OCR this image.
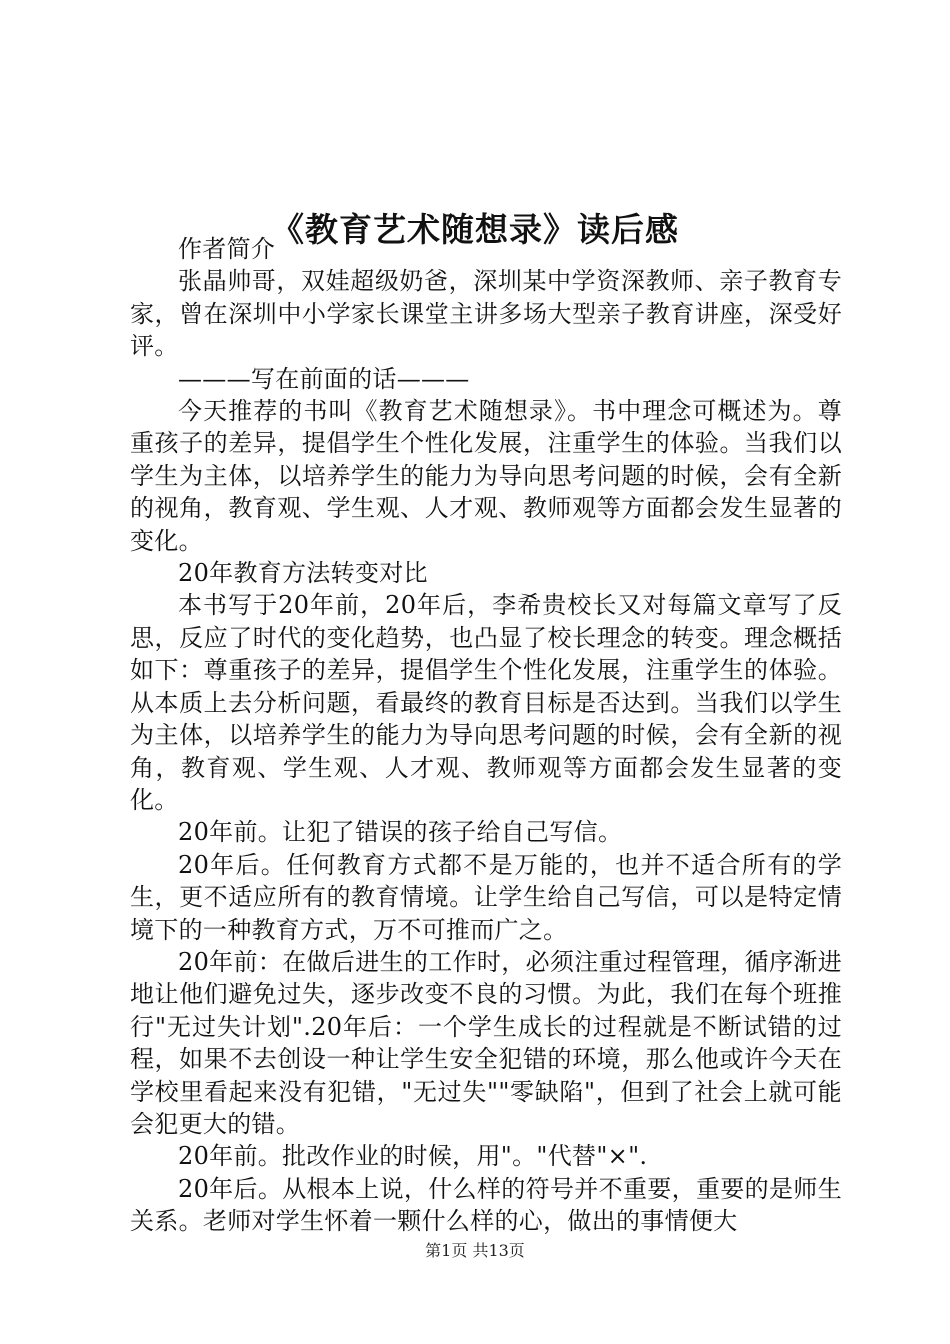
《教育艺术随想录》读后感

作者简介

张晶帅哥，双娃超级奶爸，深圳某中学资深教师、亲子教育专家，曾在深圳中小学家长课堂主讲多场大型亲子教育讲座，深受好评。

———写在前面的话———

今天推荐的书叫《教育艺术随想录》。书中理念可概述为。尊重孩子的差异，提倡学生个性化发展，注重学生的体验。当我们以学生为主体，以培养学生的能力为导向思考问题的时候，会有全新的视角，教育观、学生观、人才观、教师观等方面都会发生显著的变化。

20年教育方法转变对比

本书写于20年前，20年后，李希贵校长又对每篇文章写了反思，反应了时代的变化趋势，也凸显了校长理念的转变。理念概括如下：尊重孩子的差异，提倡学生个性化发展，注重学生的体验。从本质上去分析问题，看最终的教育目标是否达到。当我们以学生为主体，以培养学生的能力为导向思考问题的时候，会有全新的视角，教育观、学生观、人才观、教师观等方面都会发生显著的变化。

20年前。让犯了错误的孩子给自己写信。

20年后。任何教育方式都不是万能的，也并不适合所有的学生，更不适应所有的教育情境。让学生给自己写信，可以是特定情境下的一种教育方式，万不可推而广之。

20年前：在做后进生的工作时，必须注重过程管理，循序渐进地让他们避免过失，逐步改变不良的习惯。为此，我们在每个班推行"无过失计划".20年后：一个学生成长的过程就是不断试错的过程，如果不去创设一种让学生安全犯错的环境，那么他或许今天在学校里看起来没有犯错，"无过失""零缺陷"，但到了社会上就可能会犯更大的错。

20年前。批改作业的时候，用"。"代替"×".

20年后。从根本上说，什么样的符号并不重要，重要的是师生关系。老师对学生怀着一颗什么样的心，做出的事情便大

第1页 共13页
